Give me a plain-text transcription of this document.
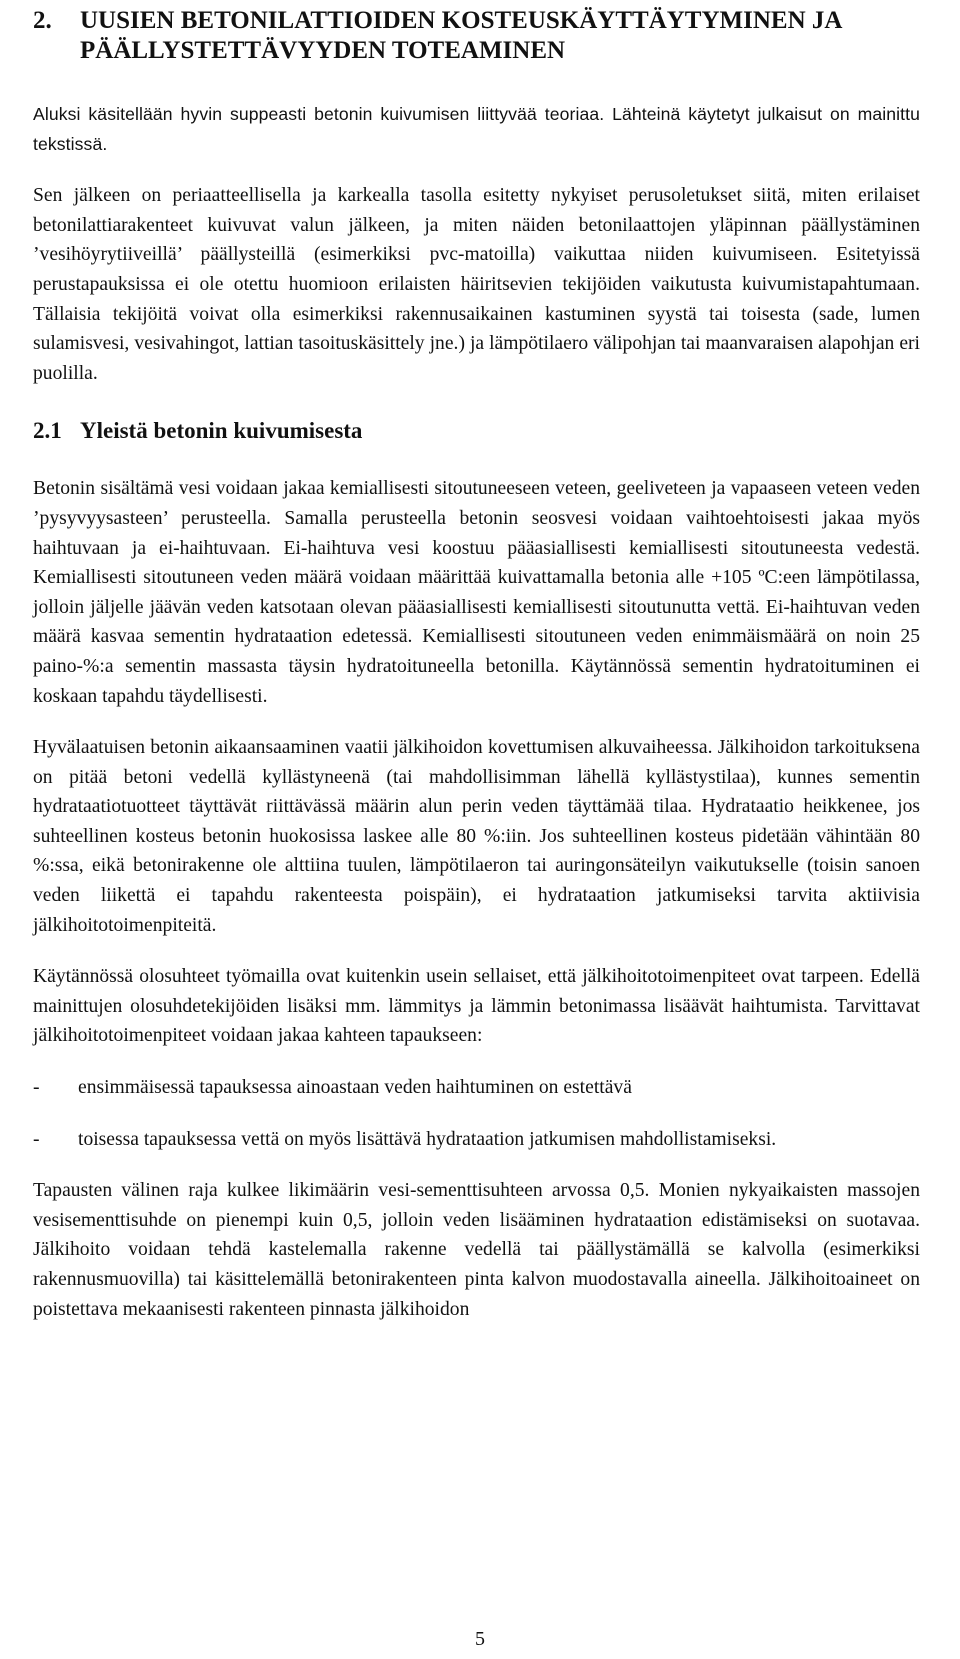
2.	UUSIEN BETONILATTIOIDEN KOSTEUSKÄYTTÄYTYMINEN JA PÄÄLLYSTETTÄVYYDEN TOTEAMINEN

Aluksi käsitellään hyvin suppeasti betonin kuivumisen liittyvää teoriaa. Lähteinä käytetyt julkaisut on mainittu tekstissä.

Sen jälkeen on periaatteellisella ja karkealla tasolla esitetty nykyiset perusoletukset siitä, miten erilaiset betonilattiarakenteet kuivuvat valun jälkeen, ja miten näiden betonilaattojen yläpinnan päällystäminen ’vesihöyrytiiveillä’ päällysteillä (esimerkiksi pvc-matoilla) vaikuttaa niiden kuivumiseen. Esitetyissä perustapauksissa ei ole otettu huomioon erilaisten häiritsevien tekijöiden vaikutusta kuivumistapahtumaan. Tällaisia tekijöitä voivat olla esimerkiksi rakennusaikainen kastuminen syystä tai toisesta (sade, lumen sulamisvesi, vesivahingot, lattian tasoituskäsittely jne.) ja lämpötilaero välipohjan tai maanvaraisen alapohjan eri puolilla.

2.1 Yleistä betonin kuivumisesta

Betonin sisältämä vesi voidaan jakaa kemiallisesti sitoutuneeseen veteen, geeliveteen ja vapaaseen veteen veden ’pysyvyysasteen’ perusteella. Samalla perusteella betonin seosvesi voidaan vaihtoehtoisesti jakaa myös haihtuvaan ja ei-haihtuvaan. Ei-haihtuva vesi koostuu pääasiallisesti kemiallisesti sitoutuneesta vedestä. Kemiallisesti sitoutuneen veden määrä voidaan määrittää kuivattamalla betonia alle +105 ºC:een lämpötilassa, jolloin jäljelle jäävän veden katsotaan olevan pääasiallisesti kemiallisesti sitoutunutta vettä. Ei-haihtuvan veden määrä kasvaa sementin hydrataation edetessä. Kemiallisesti sitoutuneen veden enimmäismäärä on noin 25 paino-%:a sementin massasta täysin hydratoituneella betonilla. Käytännössä sementin hydratoituminen ei koskaan tapahdu täydellisesti.

Hyvälaatuisen betonin aikaansaaminen vaatii jälkihoidon kovettumisen alkuvaiheessa. Jälkihoidon tarkoituksena on pitää betoni vedellä kyllästyneenä (tai mahdollisimman lähellä kyllästystilaa), kunnes sementin hydrataatiotuotteet täyttävät riittävässä määrin alun perin veden täyttämää tilaa. Hydrataatio heikkenee, jos suhteellinen kosteus betonin huokosissa laskee alle 80 %:iin. Jos suhteellinen kosteus pidetään vähintään 80 %:ssa, eikä betonirakenne ole alttiina tuulen, lämpötilaeron tai auringonsäteilyn vaikutukselle (toisin sanoen veden liikettä ei tapahdu rakenteesta poispäin), ei hydrataation jatkumiseksi tarvita aktiivisia jälkihoitotoimenpiteitä.

Käytännössä olosuhteet työmailla ovat kuitenkin usein sellaiset, että jälkihoitotoimenpiteet ovat tarpeen. Edellä mainittujen olosuhdetekijöiden lisäksi mm. lämmitys ja lämmin betonimassa lisäävät haihtumista. Tarvittavat jälkihoitotoimenpiteet voidaan jakaa kahteen tapaukseen:

-	ensimmäisessä tapauksessa ainoastaan veden haihtuminen on estettävä
-	toisessa tapauksessa vettä on myös lisättävä hydrataation jatkumisen mahdollistamiseksi.

Tapausten välinen raja kulkee likimäärin vesi-sementtisuhteen arvossa 0,5. Monien nykyaikaisten massojen vesisementtisuhde on pienempi kuin 0,5, jolloin veden lisääminen hydrataation edistämiseksi on suotavaa. Jälkihoito voidaan tehdä kastelemalla rakenne vedellä tai päällystämällä se kalvolla (esimerkiksi rakennusmuovilla) tai käsittelemällä betonirakenteen pinta kalvon muodostavalla aineella. Jälkihoitoaineet on poistettava mekaanisesti rakenteen pinnasta jälkihoidon

5
